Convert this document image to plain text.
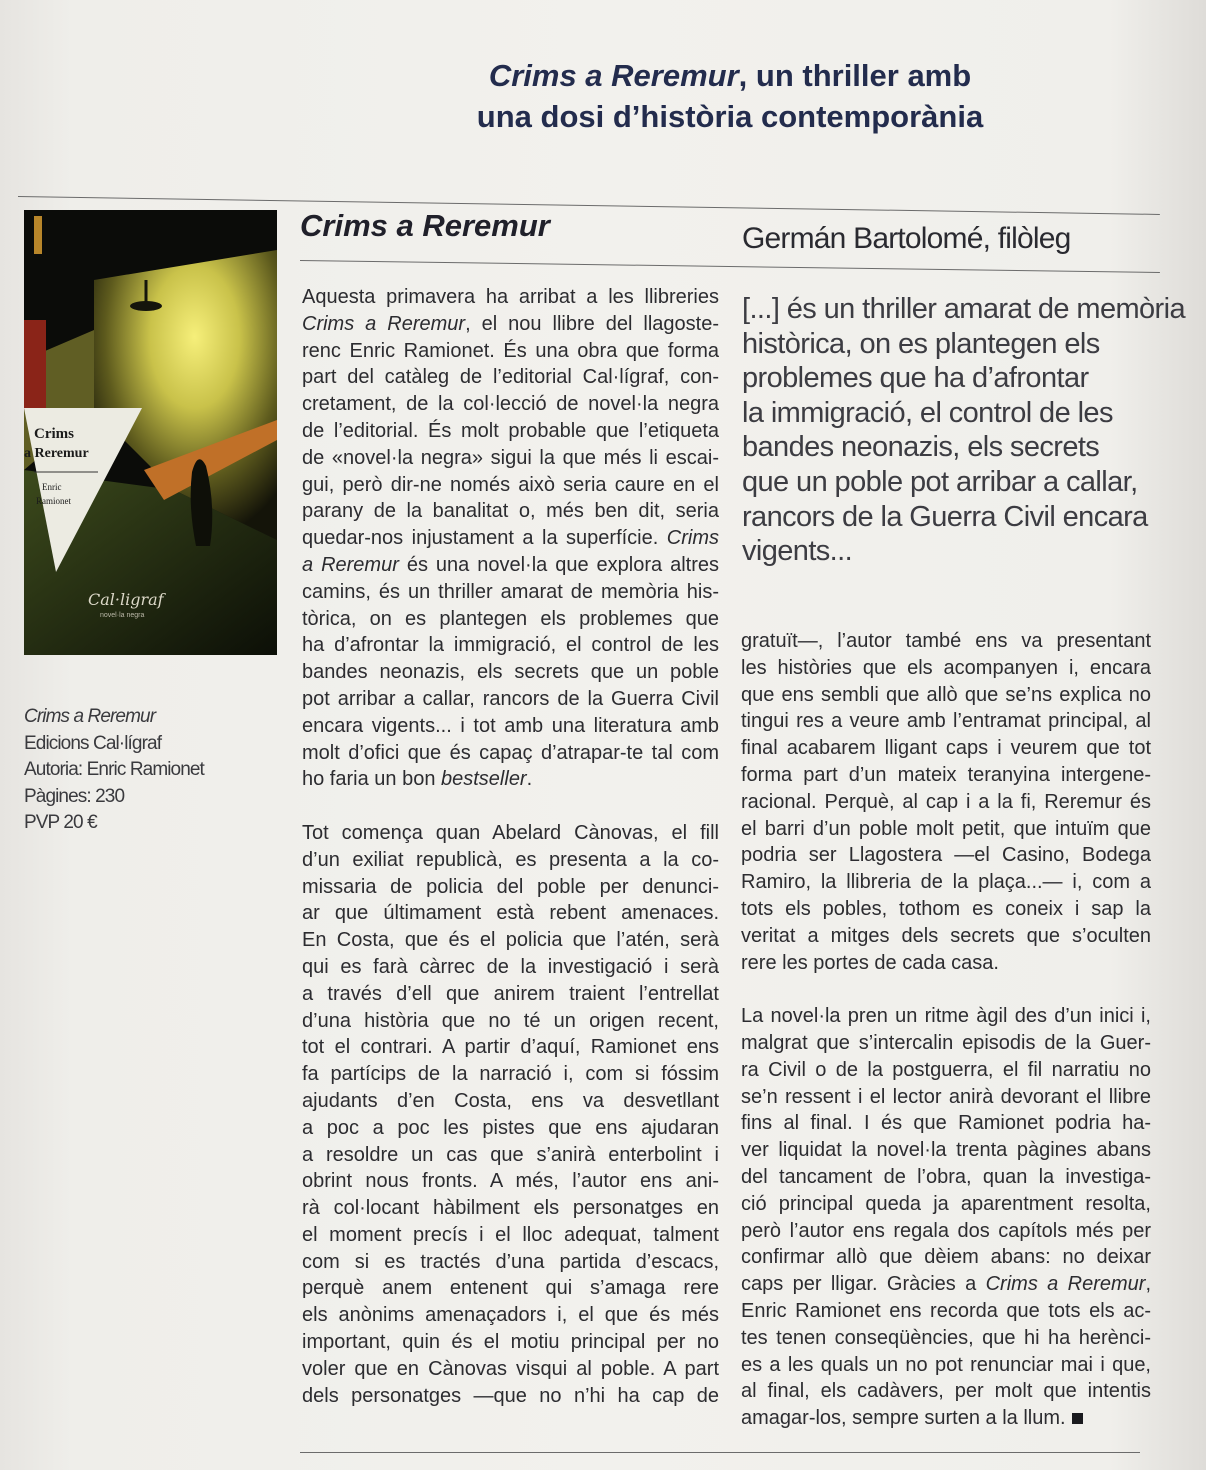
Crims a Reremur, un thriller amb
una dosi d’història contemporània
Crims
a Reremur
Enric
Ramionet
Cal·ligraf
novel·la negra
Crims a Reremur
Edicions Cal·lígraf
Autoria: Enric Ramionet
Pàgines: 230
PVP 20 €
Crims a Reremur	Germán Bartolomé, filòleg
[...] és un thriller amarat de memòria
històrica, on es plantegen els
problemes que ha d’afrontar
la immigració, el control de les
bandes neonazis, els secrets
que un poble pot arribar a callar,
rancors de la Guerra Civil encara
vigents...
Aquesta primavera ha arribat a les llibreries
Crims a Reremur, el nou llibre del llagoste-
renc Enric Ramionet. És una obra que forma
part del catàleg de l’editorial Cal·lígraf, con-
cretament, de la col·lecció de novel·la negra
de l’editorial. És molt probable que l’etiqueta
de «novel·la negra» sigui la que més li escai-
gui, però dir-ne només això seria caure en el
parany de la banalitat o, més ben dit, seria
quedar-nos injustament a la superfície. Crims
a Reremur és una novel·la que explora altres
camins, és un thriller amarat de memòria his-
tòrica, on es plantegen els problemes que
ha d’afrontar la immigració, el control de les
bandes neonazis, els secrets que un poble
pot arribar a callar, rancors de la Guerra Civil
encara vigents... i tot amb una literatura amb
molt d’ofici que és capaç d’atrapar-te tal com
ho faria un bon bestseller.
Tot comença quan Abelard Cànovas, el fill
d’un exiliat republicà, es presenta a la co-
missaria de policia del poble per denunci-
ar que últimament està rebent amenaces.
En Costa, que és el policia que l’atén, serà
qui es farà càrrec de la investigació i serà
a través d’ell que anirem traient l’entrellat
d’una història que no té un origen recent,
tot el contrari. A partir d’aquí, Ramionet ens
fa partícips de la narració i, com si fóssim
ajudants d’en Costa, ens va desvetllant
a poc a poc les pistes que ens ajudaran
a resoldre un cas que s’anirà enterbolint i
obrint nous fronts. A més, l’autor ens ani-
rà col·locant hàbilment els personatges en
el moment precís i el lloc adequat, talment
com si es tractés d’una partida d’escacs,
perquè anem entenent qui s’amaga rere
els anònims amenaçadors i, el que és més
important, quin és el motiu principal per no
voler que en Cànovas visqui al poble. A part
dels personatges —que no n’hi ha cap de
gratuït—, l’autor també ens va presentant
les històries que els acompanyen i, encara
que ens sembli que allò que se’ns explica no
tingui res a veure amb l’entramat principal, al
final acabarem lligant caps i veurem que tot
forma part d’un mateix teranyina intergene-
racional. Perquè, al cap i a la fi, Reremur és
el barri d’un poble molt petit, que intuïm que
podria ser Llagostera —el Casino, Bodega
Ramiro, la llibreria de la plaça...— i, com a
tots els pobles, tothom es coneix i sap la
veritat a mitges dels secrets que s’oculten
rere les portes de cada casa.
La novel·la pren un ritme àgil des d’un inici i,
malgrat que s’intercalin episodis de la Guer-
ra Civil o de la postguerra, el fil narratiu no
se’n ressent i el lector anirà devorant el llibre
fins al final. I és que Ramionet podria ha-
ver liquidat la novel·la trenta pàgines abans
del tancament de l’obra, quan la investiga-
ció principal queda ja aparentment resolta,
però l’autor ens regala dos capítols més per
confirmar allò que dèiem abans: no deixar
caps per lligar. Gràcies a Crims a Reremur,
Enric Ramionet ens recorda que tots els ac-
tes tenen conseqüències, que hi ha herènci-
es a les quals un no pot renunciar mai i que,
al final, els cadàvers, per molt que intentis
amagar-los, sempre surten a la llum.
